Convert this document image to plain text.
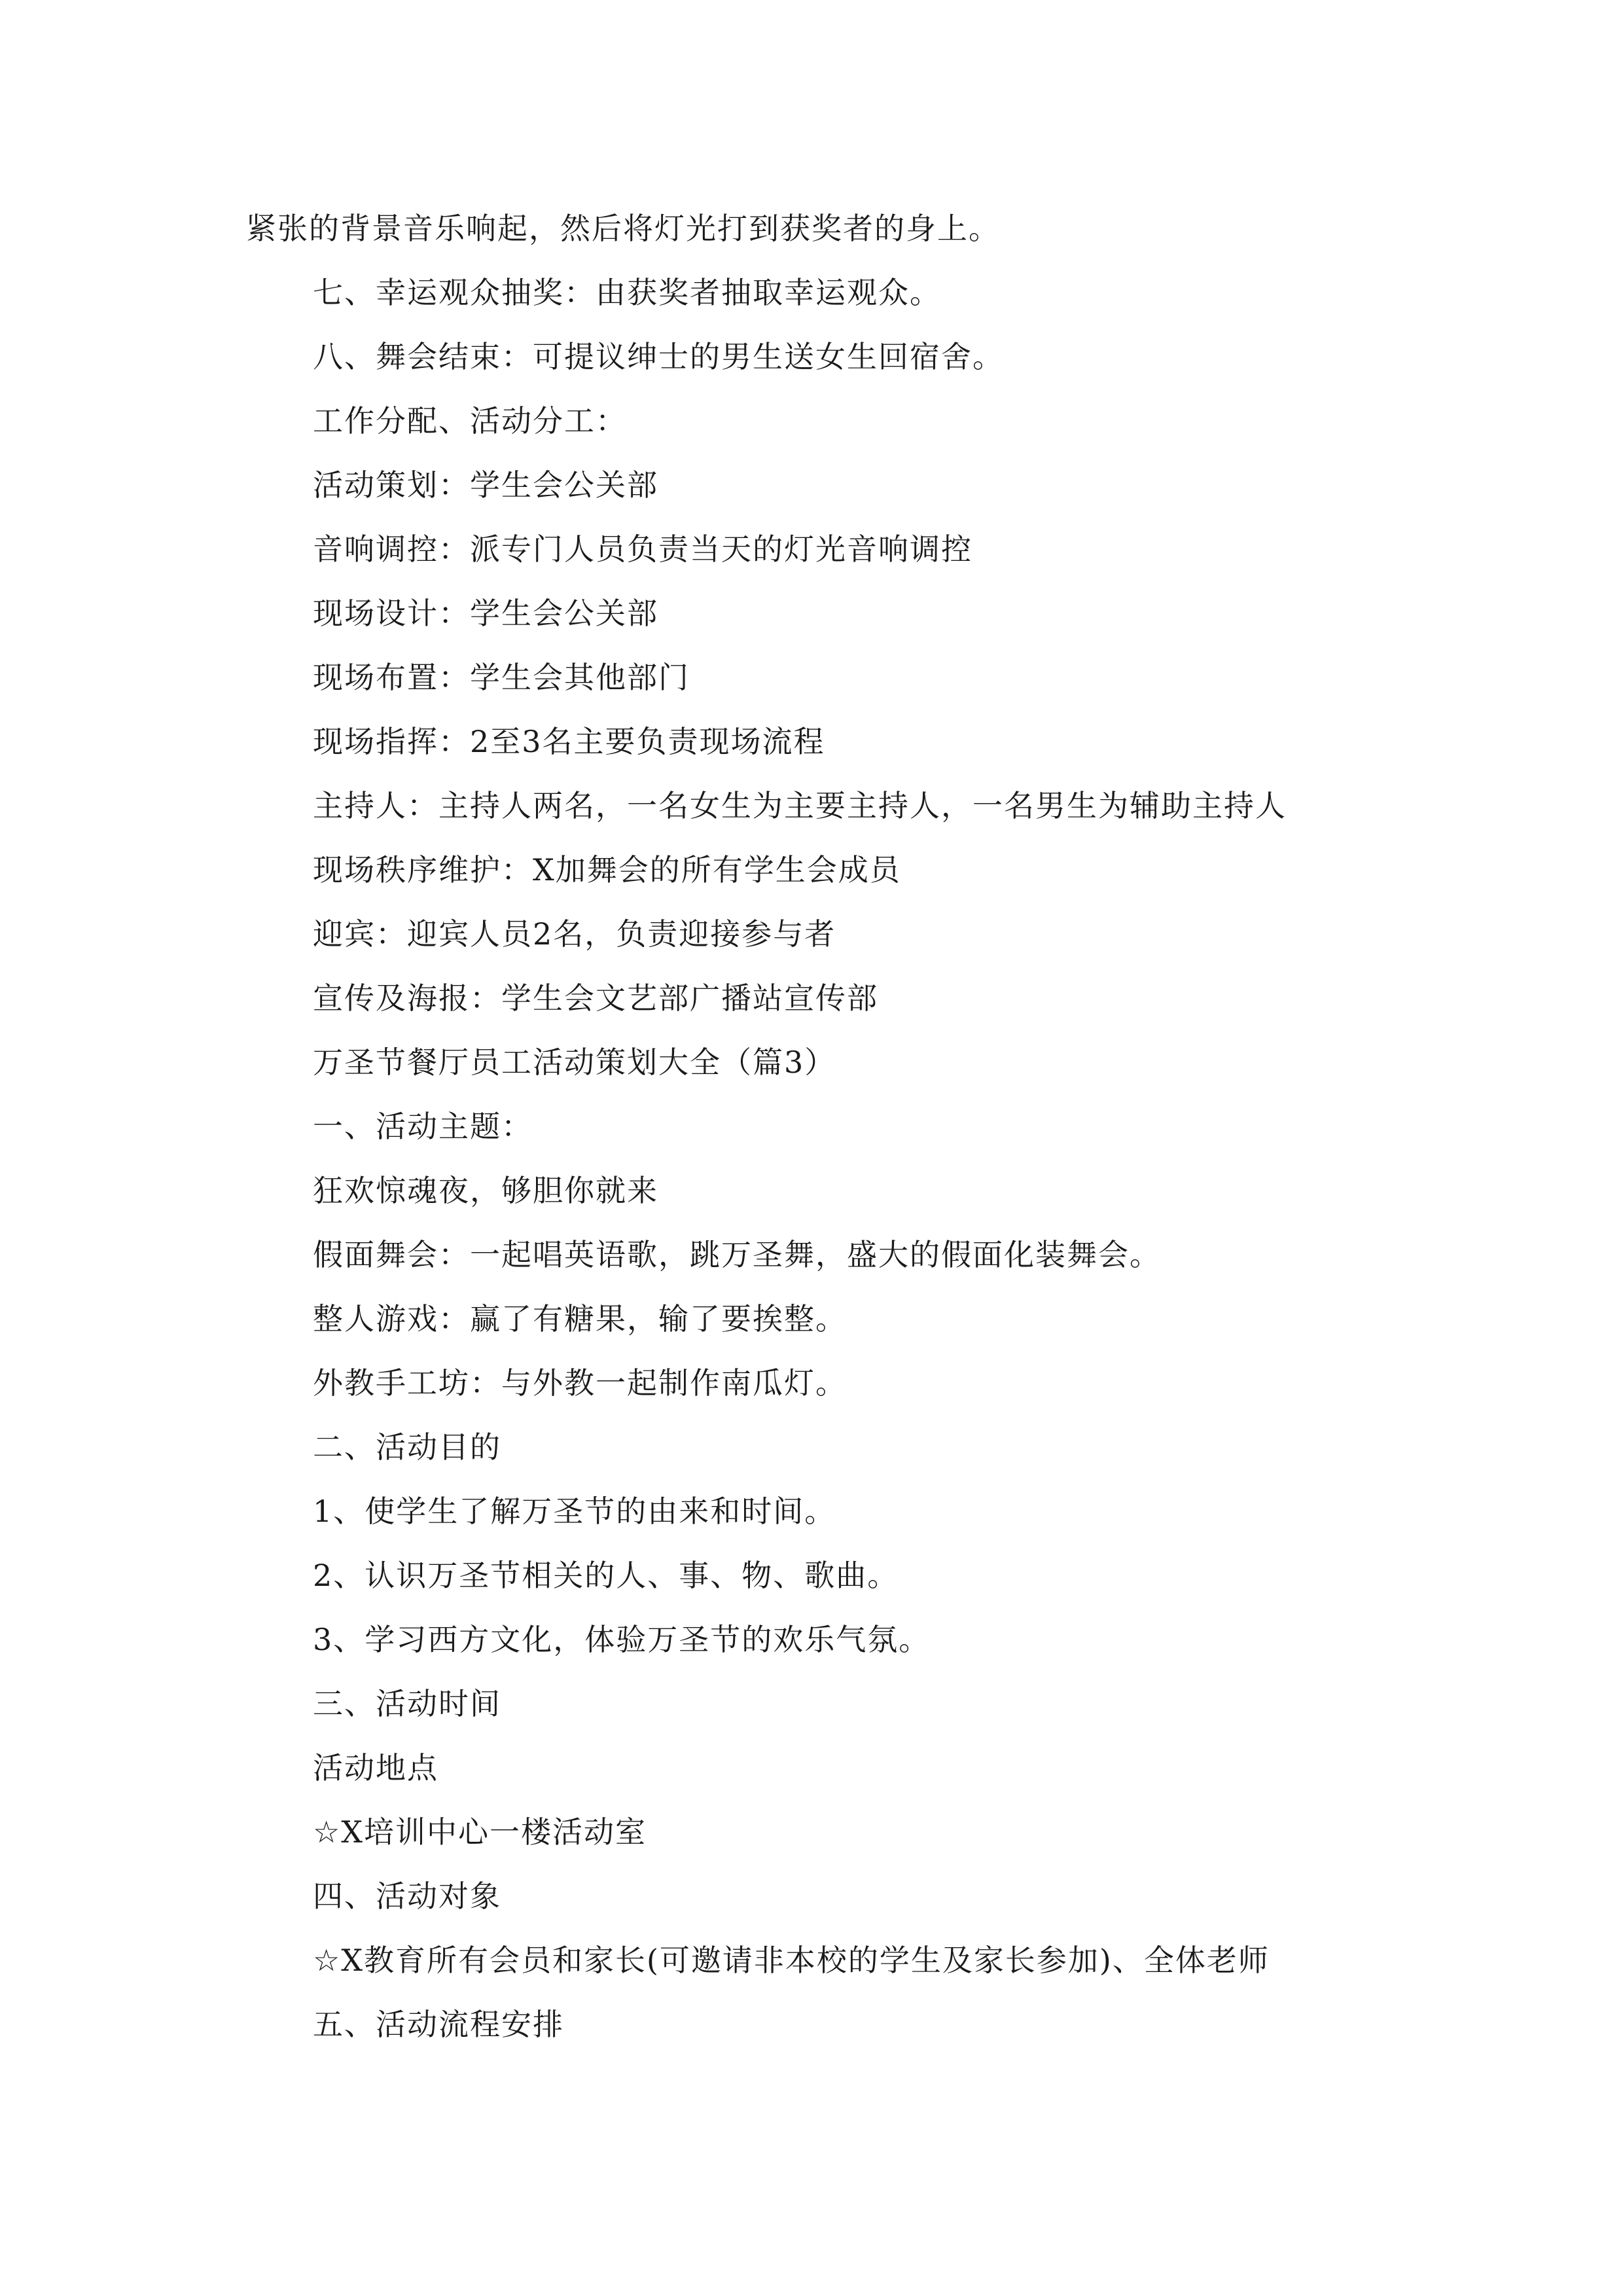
紧张的背景音乐响起，然后将灯光打到获奖者的身上。
七、幸运观众抽奖：由获奖者抽取幸运观众。
八、舞会结束：可提议绅士的男生送女生回宿舍。
工作分配、活动分工：
活动策划：学生会公关部
音响调控：派专门人员负责当天的灯光音响调控
现场设计：学生会公关部
现场布置：学生会其他部门
现场指挥：2至3名主要负责现场流程
主持人：主持人两名，一名女生为主要主持人，一名男生为辅助主持人
现场秩序维护：X加舞会的所有学生会成员
迎宾：迎宾人员2名，负责迎接参与者
宣传及海报：学生会文艺部广播站宣传部
万圣节餐厅员工活动策划大全（篇3）
一、活动主题：
狂欢惊魂夜，够胆你就来
假面舞会：一起唱英语歌，跳万圣舞，盛大的假面化装舞会。
整人游戏：赢了有糖果，输了要挨整。
外教手工坊：与外教一起制作南瓜灯。
二、活动目的
1、使学生了解万圣节的由来和时间。
2、认识万圣节相关的人、事、物、歌曲。
3、学习西方文化，体验万圣节的欢乐气氛。
三、活动时间
活动地点
☆X培训中心一楼活动室
四、活动对象
☆X教育所有会员和家长(可邀请非本校的学生及家长参加)、全体老师
五、活动流程安排
